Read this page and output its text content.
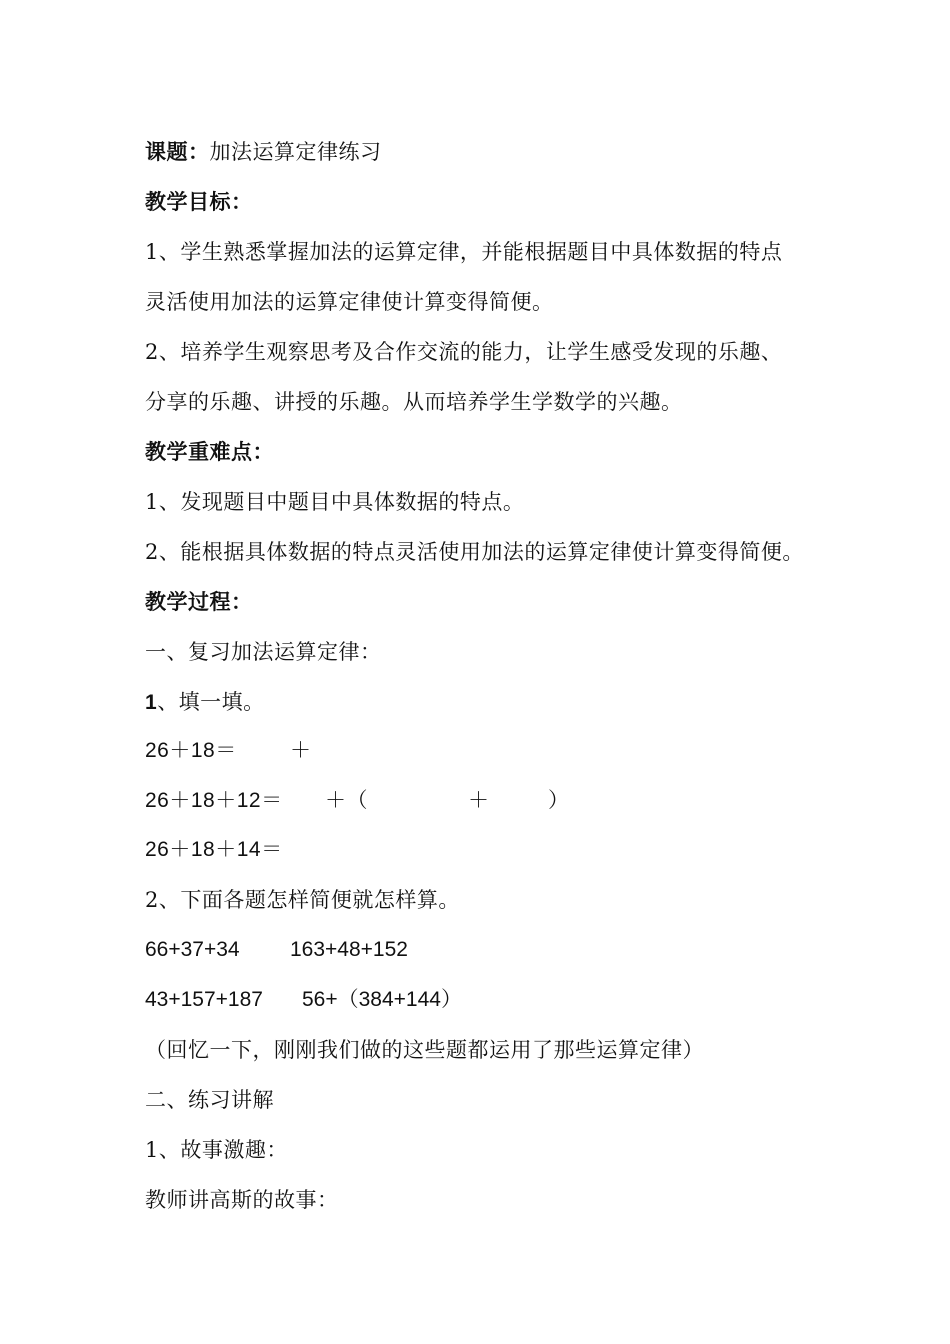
课题：加法运算定律练习
教学目标：
1、学生熟悉掌握加法的运算定律，并能根据题目中具体数据的特点
灵活使用加法的运算定律使计算变得简便。
2、培养学生观察思考及合作交流的能力，让学生感受发现的乐趣、
分享的乐趣、讲授的乐趣。从而培养学生学数学的兴趣。
教学重难点：
1、发现题目中题目中具体数据的特点。
2、能根据具体数据的特点灵活使用加法的运算定律使计算变得简便。
教学过程：
一、复习加法运算定律：
1、填一填。
26＋18＝	＋
26＋18＋12＝ ＋（	＋	）
26＋18＋14＝
2、下面各题怎样简便就怎样算。
66+37+34 163+48+152
43+157+187 56+（384+144）
（回忆一下，刚刚我们做的这些题都运用了那些运算定律）
二、练习讲解
1、故事激趣：
教师讲高斯的故事：
